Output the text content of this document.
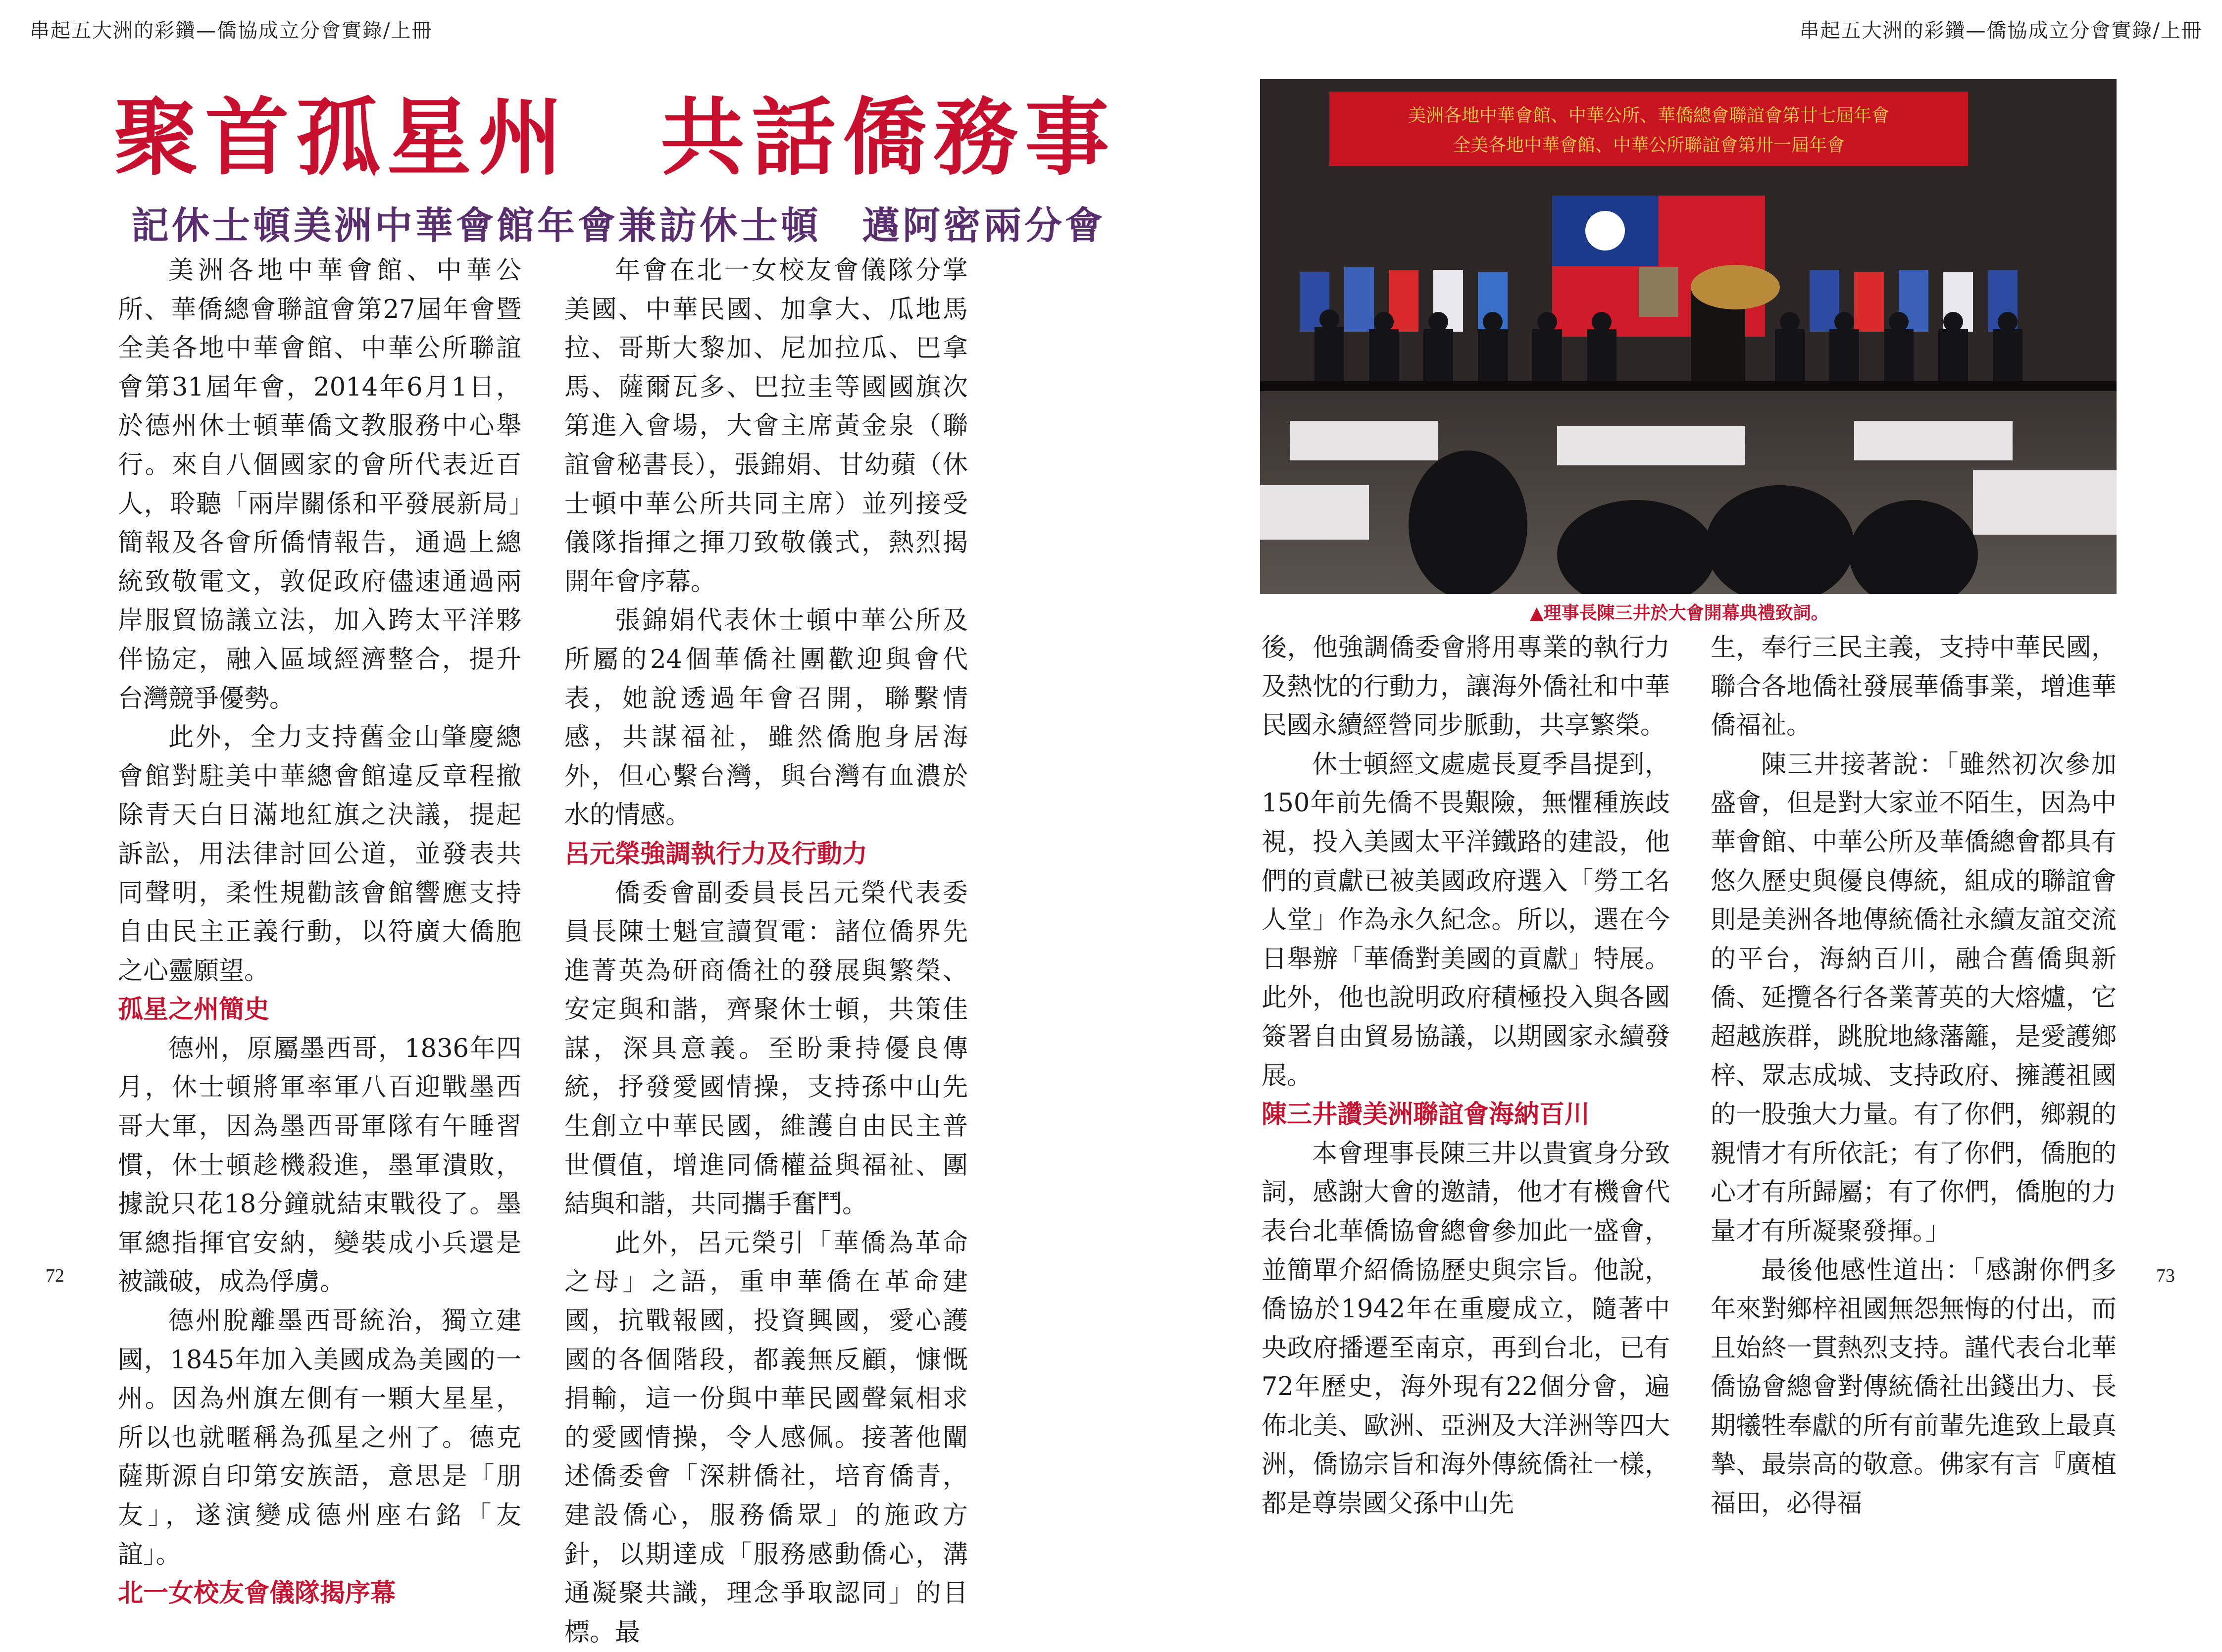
串起五大洲的彩鑽—僑協成立分會實錄/上冊	串起五大洲的彩鑽—僑協成立分會實錄/上冊
聚首孤星州　共話僑務事
記休士頓美洲中華會館年會兼訪休士頓　邁阿密兩分會

美洲各地中華會館、中華公所、華僑總會聯誼會第27屆年會暨全美各地中華會館、中華公所聯誼會第31屆年會，2014年6月1日，於德州休士頓華僑文教服務中心舉行。來自八個國家的會所代表近百人，聆聽「兩岸關係和平發展新局」簡報及各會所僑情報告，通過上總統致敬電文，敦促政府儘速通過兩岸服貿協議立法，加入跨太平洋夥伴協定，融入區域經濟整合，提升台灣競爭優勢。

此外，全力支持舊金山肇慶總會館對駐美中華總會館違反章程撤除青天白日滿地紅旗之決議，提起訴訟，用法律討回公道，並發表共同聲明，柔性規勸該會館響應支持自由民主正義行動，以符廣大僑胞之心靈願望。

孤星之州簡史

德州，原屬墨西哥，1836年四月，休士頓將軍率軍八百迎戰墨西哥大軍，因為墨西哥軍隊有午睡習慣，休士頓趁機殺進，墨軍潰敗，據說只花18分鐘就結束戰役了。墨軍總指揮官安納，變裝成小兵還是被識破，成為俘虜。

德州脫離墨西哥統治，獨立建國，1845年加入美國成為美國的一州。因為州旗左側有一顆大星星，所以也就暱稱為孤星之州了。德克薩斯源自印第安族語，意思是「朋友」，遂演變成德州座右銘「友誼」。

北一女校友會儀隊揭序幕

年會在北一女校友會儀隊分掌美國、中華民國、加拿大、瓜地馬拉、哥斯大黎加、尼加拉瓜、巴拿馬、薩爾瓦多、巴拉圭等國國旗次第進入會場，大會主席黃金泉（聯誼會秘書長），張錦娟、甘幼蘋（休士頓中華公所共同主席）並列接受儀隊指揮之揮刀致敬儀式，熱烈揭開年會序幕。

張錦娟代表休士頓中華公所及所屬的24個華僑社團歡迎與會代表，她說透過年會召開，聯繫情感，共謀福祉，雖然僑胞身居海外，但心繫台灣，與台灣有血濃於水的情感。

呂元榮強調執行力及行動力

僑委會副委員長呂元榮代表委員長陳士魁宣讀賀電：諸位僑界先進菁英為研商僑社的發展與繁榮、安定與和諧，齊聚休士頓，共策佳謀，深具意義。至盼秉持優良傳統，抒發愛國情操，支持孫中山先生創立中華民國，維護自由民主普世價值，增進同僑權益與福祉、團結與和諧，共同攜手奮鬥。

此外，呂元榮引「華僑為革命之母」之語，重申華僑在革命建國，抗戰報國，投資興國，愛心護國的各個階段，都義無反顧，慷慨捐輸，這一份與中華民國聲氣相求的愛國情操，令人感佩。接著他闡述僑委會「深耕僑社，培育僑青，建設僑心，服務僑眾」的施政方針，以期達成「服務感動僑心，溝通凝聚共識，理念爭取認同」的目標。最

後，他強調僑委會將用專業的執行力及熱忱的行動力，讓海外僑社和中華民國永續經營同步脈動，共享繁榮。

休士頓經文處處長夏季昌提到，150年前先僑不畏艱險，無懼種族歧視，投入美國太平洋鐵路的建設，他們的貢獻已被美國政府選入「勞工名人堂」作為永久紀念。所以，選在今日舉辦「華僑對美國的貢獻」特展。此外，他也說明政府積極投入與各國簽署自由貿易協議，以期國家永續發展。

陳三井讚美洲聯誼會海納百川

本會理事長陳三井以貴賓身分致詞，感謝大會的邀請，他才有機會代表台北華僑協會總會參加此一盛會，並簡單介紹僑協歷史與宗旨。他說，僑協於1942年在重慶成立，隨著中央政府播遷至南京，再到台北，已有72年歷史，海外現有22個分會，遍佈北美、歐洲、亞洲及大洋洲等四大洲，僑協宗旨和海外傳統僑社一樣，都是尊崇國父孫中山先

生，奉行三民主義，支持中華民國，聯合各地僑社發展華僑事業，增進華僑福祉。

陳三井接著說：「雖然初次參加盛會，但是對大家並不陌生，因為中華會館、中華公所及華僑總會都具有悠久歷史與優良傳統，組成的聯誼會則是美洲各地傳統僑社永續友誼交流的平台，海納百川，融合舊僑與新僑、延攬各行各業菁英的大熔爐，它超越族群，跳脫地緣藩籬，是愛護鄉梓、眾志成城、支持政府、擁護祖國的一股強大力量。有了你們，鄉親的親情才有所依託；有了你們，僑胞的心才有所歸屬；有了你們，僑胞的力量才有所凝聚發揮。」

最後他感性道出：「感謝你們多年來對鄉梓祖國無怨無悔的付出，而且始終一貫熱烈支持。謹代表台北華僑協會總會對傳統僑社出錢出力、長期犧牲奉獻的所有前輩先進致上最真摯、最崇高的敬意。佛家有言『廣植福田，必得福

美洲各地中華會館、中華公所、華僑總會聯誼會第廿七屆年會
全美各地中華會館、中華公所聯誼會第卅一屆年會
▲理事長陳三井於大會開幕典禮致詞。
72	73
